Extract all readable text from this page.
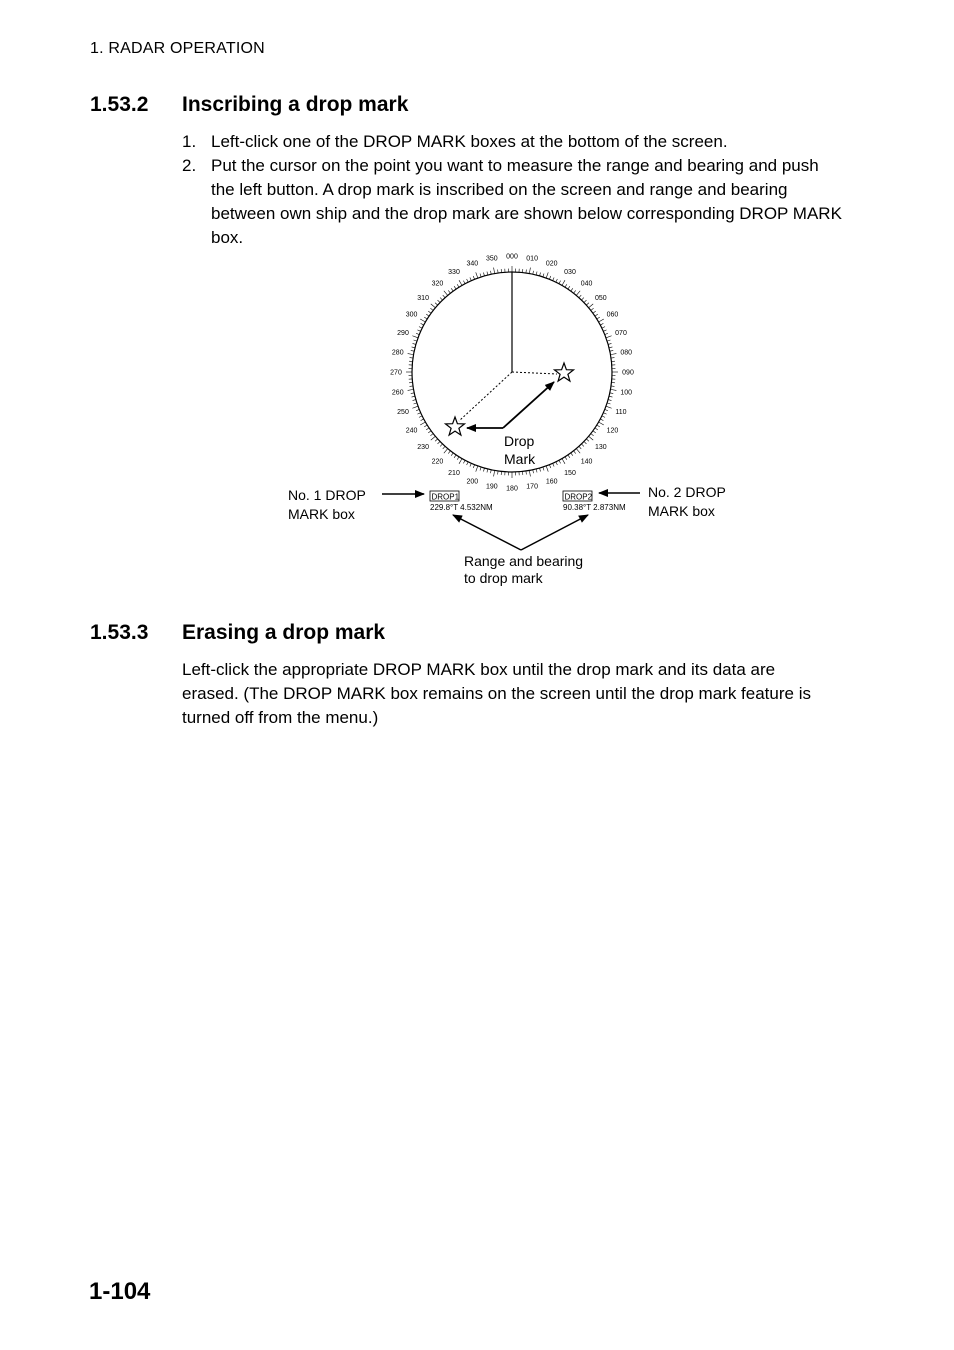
1. RADAR OPERATION
1.53.2 Inscribing a drop mark
1. Left-click one of the DROP MARK boxes at the bottom of the screen.
2. Put the cursor on the point you want to measure the range and bearing and push the left button. A drop mark is inscribed on the screen and range and bearing between own ship and the drop mark are shown below corresponding DROP MARK box.
000 010
020
030
040
050
060
070
080
090
100
110
120
130
140
150
160
170
180
190
200
210
220
230
240
250
260
270
280
290
300
310
320
330
340
350
Drop
Mark
DROP1
229.8°T 4.532NM
DROP2
90.38°T 2.873NM
No. 1 DROP
MARK box
No. 2 DROP
MARK box
Range and bearing
to drop mark
1.53.3 Erasing a drop mark

Left-click the appropriate DROP MARK box until the drop mark and its data are erased. (The DROP MARK box remains on the screen until the drop mark feature is turned off from the menu.)

1-104
